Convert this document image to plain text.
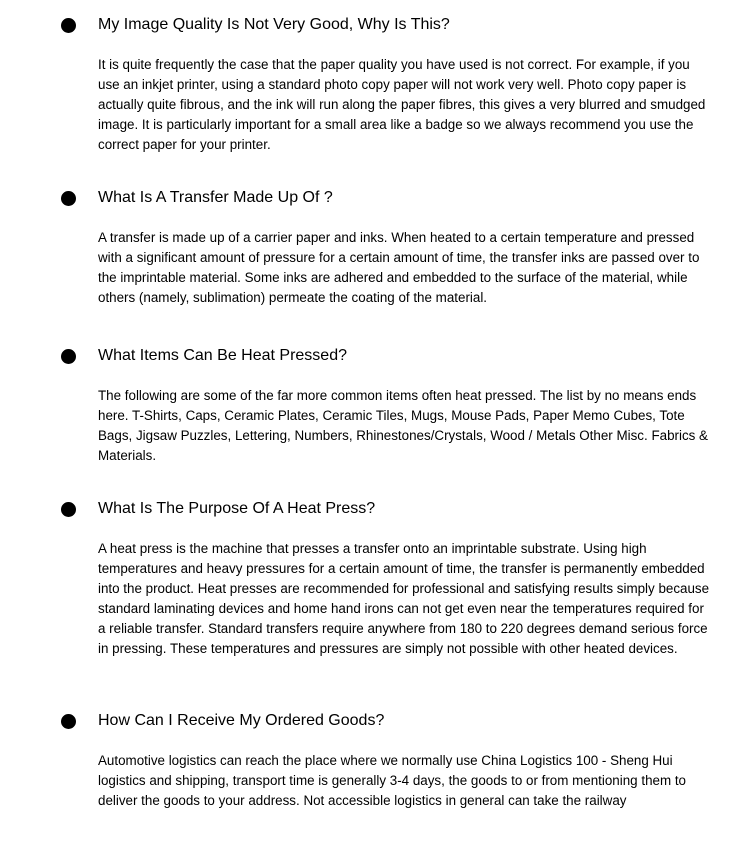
My Image Quality Is Not Very Good, Why Is This?

It is quite frequently the case that the paper quality you have used is not correct. For example, if you use an inkjet printer, using a standard photo copy paper will not work very well. Photo copy paper is actually quite fibrous, and the ink will run along the paper fibres, this gives a very blurred and smudged image. It is particularly important for a small area like a badge so we always recommend you use the correct paper for your printer.

What Is A Transfer Made Up Of ?

A transfer is made up of a carrier paper and inks. When heated to a certain temperature and pressed with a significant amount of pressure for a certain amount of time, the transfer inks are passed over to the imprintable material. Some inks are adhered and embedded to the surface of the material, while others (namely, sublimation) permeate the coating of the material.

What Items Can Be Heat Pressed?

The following are some of the far more common items often heat pressed. The list by no means ends here. T-Shirts, Caps, Ceramic Plates, Ceramic Tiles, Mugs, Mouse Pads, Paper Memo Cubes, Tote Bags, Jigsaw Puzzles, Lettering, Numbers, Rhinestones/Crystals, Wood / Metals Other Misc. Fabrics & Materials.

What Is The Purpose Of A Heat Press?

A heat press is the machine that presses a transfer onto an imprintable substrate. Using high temperatures and heavy pressures for a certain amount of time, the transfer is permanently embedded into the product. Heat presses are recommended for professional and satisfying results simply because standard laminating devices and home hand irons can not get even near the temperatures required for a reliable transfer. Standard transfers require anywhere from 180 to 220 degrees demand serious force in pressing. These temperatures and pressures are simply not possible with other heated devices.

How Can I Receive My Ordered Goods?

Automotive logistics can reach the place where we normally use China Logistics 100 - Sheng Hui logistics and shipping, transport time is generally 3-4 days, the goods to or from mentioning them to deliver the goods to your address. Not accessible logistics in general can take the railway
